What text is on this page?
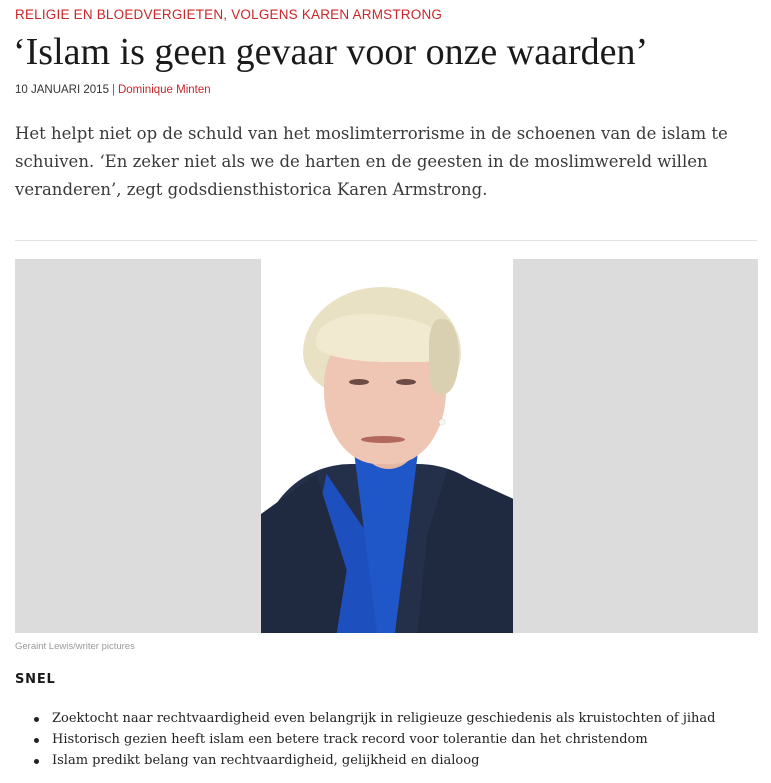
RELIGIE EN BLOEDVERGIETEN, VOLGENS KAREN ARMSTRONG
‘Islam is geen gevaar voor onze waarden’
10 JANUARI 2015 | Dominique Minten

Het helpt niet op de schuld van het moslimterrorisme in de schoenen van de islam te schuiven. ‘En zeker niet als we de harten en de geesten in de moslimwereld willen veranderen’, zegt godsdiensthistorica Karen Armstrong.

Geraint Lewis/writer pictures
SNEL
Zoektocht naar rechtvaardigheid even belangrijk in religieuze geschiedenis als kruistochten of jihad
Historisch gezien heeft islam een betere track record voor tolerantie dan het christendom
Islam predikt belang van rechtvaardigheid, gelijkheid en dialoog
